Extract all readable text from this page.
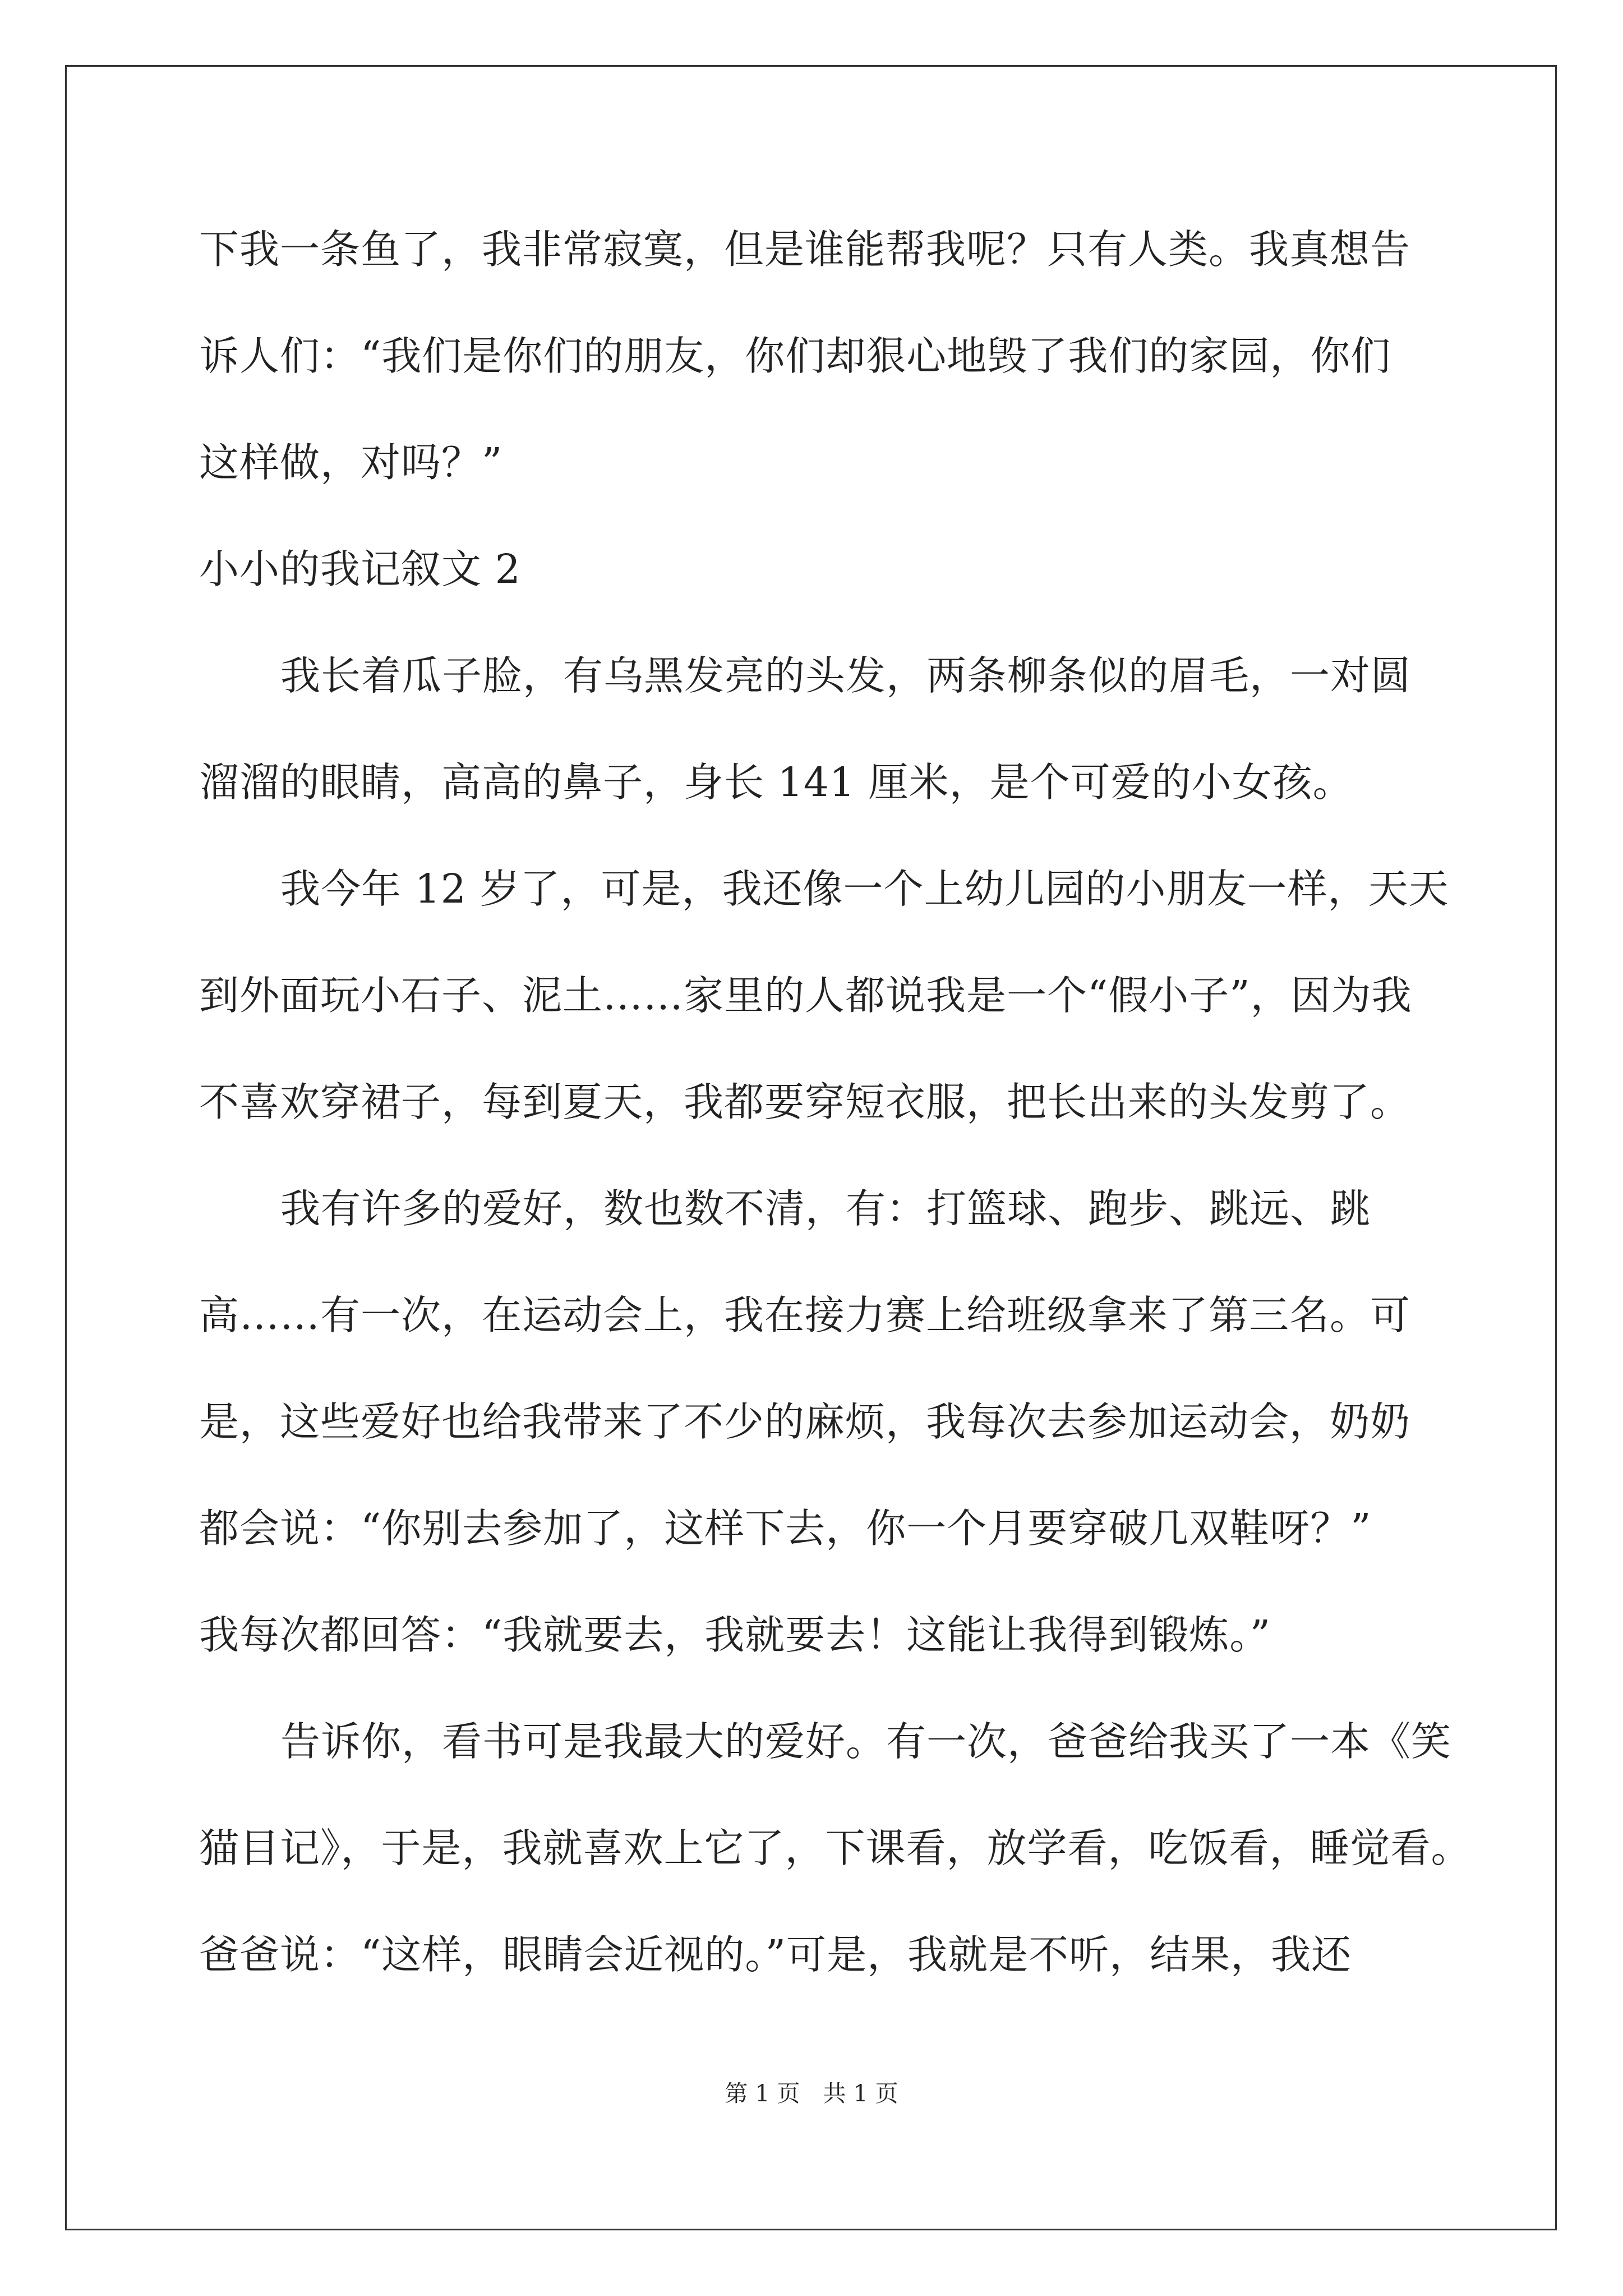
下我一条鱼了，我非常寂寞，但是谁能帮我呢？只有人类。我真想告
诉人们：“我们是你们的朋友，你们却狠心地毁了我们的家园，你们
这样做，对吗？”
小小的我记叙文 2
我长着瓜子脸，有乌黑发亮的头发，两条柳条似的眉毛，一对圆
溜溜的眼睛，高高的鼻子，身长 141 厘米，是个可爱的小女孩。
我今年 12 岁了，可是，我还像一个上幼儿园的小朋友一样，天天
到外面玩小石子、泥土……家里的人都说我是一个“假小子”，因为我
不喜欢穿裙子，每到夏天，我都要穿短衣服，把长出来的头发剪了。
我有许多的爱好，数也数不清，有：打篮球、跑步、跳远、跳
高……有一次，在运动会上，我在接力赛上给班级拿来了第三名。可
是，这些爱好也给我带来了不少的麻烦，我每次去参加运动会，奶奶
都会说：“你别去参加了，这样下去，你一个月要穿破几双鞋呀？”
我每次都回答：“我就要去，我就要去！这能让我得到锻炼。”
告诉你，看书可是我最大的爱好。有一次，爸爸给我买了一本《笑
猫目记》，于是，我就喜欢上它了，下课看，放学看，吃饭看，睡觉看。
爸爸说：“这样，眼睛会近视的。”可是，我就是不听，结果，我还
第 1 页 共 1 页
